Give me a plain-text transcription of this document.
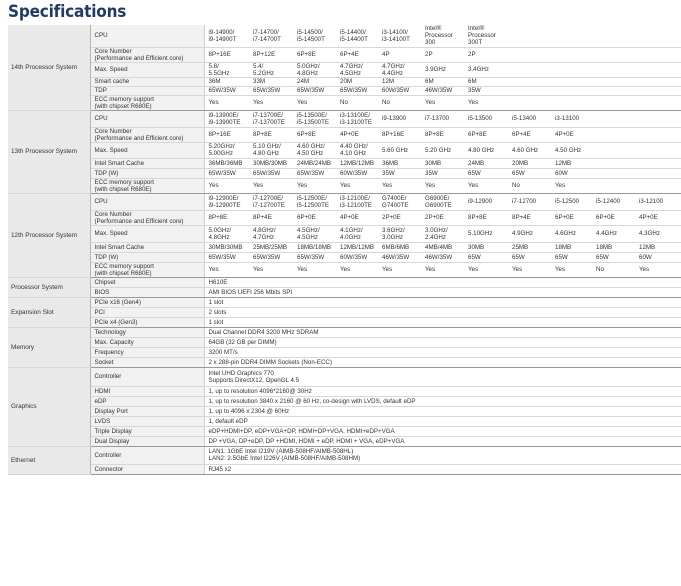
Specifications
14th Processor System	CPU	i9-14900/
i9-14900T	i7-14700/
i7-14700T	i5-14500/
i5-14500T	i5-14400/
i5-14400T	i3-14100/
i3-14100T	Intel®
Processor
300	Intel®
Processor
300T				
	Core Number
(Performance and Efficient core)	8P+16E	8P+12E	6P+8E	6P+4E	4P	2P	2P				
	Max. Speed	5.8/
5.5GHz	5.4/
5.2GHz	5.0GHz/
4.8GHz	4.7GHz/
4.5GHz	4.7GHz/
4.4GHz	3.9GHz	3.4GHz				
	Smart cache	36M	33M	24M	20M	12M	6M	6M				
	TDP	65W/35W	65W/35W	65W/35W	65W/35W	60W/35W	46W/35W	35W				
	ECC memory support
(with chipset R680E)	Yes	Yes	Yes	No	No	Yes	Yes				
13th Processor System	CPU	i9-13900E/
i9-13900TE	i7-13700E/
i7-13700TE	i5-13500E/
i5-13500TE	i3-13100E/
i3-13100TE	i9-13900	i7-13700	i5-13500	i5-13400	i3-13100		
	Core Number
(Performance and Efficient core)	8P+16E	8P+8E	6P+8E	4P+0E	8P+16E	8P+8E	6P+8E	6P+4E	4P+0E		
	Max. Speed	5.20GHz/
5.00GHz	5.10 GHz/
4.80 GHz	4.60 GHz/
4.50 GHz	4.40 GHz/
4.10 GHz	5.60 GHz	5.20 GHz	4.80 GHz	4.60 GHz	4.50 GHz		
	Intel Smart Cache	36MB/36MB	30MB/30MB	24MB/24MB	12MB/12MB	36MB	30MB	24MB	20MB	12MB		
	TDP (W)	65W/35W	65W/35W	65W/35W	60W/35W	35W	35W	65W	65W	60W		
	ECC memory support
(with chipset R680E)	Yes	Yes	Yes	Yes	Yes	Yes	Yes	No	Yes		
12th Processor System	CPU	i9-12900E/
i9-12900TE	i7-12700E/
i7-12700TE	i5-12500E/
i5-12500TE	i3-12100E/
i3-12100TE	G7400E/
G7400TE	G6900E/
G6900TE	i9-12900	i7-12700	i5-12500	i5-12400	i3-12100
	Core Number
(Performance and Efficient core)	8P+8E	8P+4E	6P+0E	4P+0E	2P+0E	2P+0E	8P+8E	8P+4E	6P+0E	6P+0E	4P+0E
	Max. Speed	5.0GHz/
4.8GHz	4.8GHz/
4.7GHz	4.5GHz/
4.5GHz	4.1GHz/
4.0GHz	3.6GHz/
3.0GHz	3.0GHz/
2.4GHz	5.10GHz	4.9GHz	4.6GHz	4.4GHz	4.3GHz
	Intel Smart Cache	30MB/30MB	25MB/25MB	18MB/18MB	12MB/12MB	6MB/6MB	4MB/4MB	30MB	25MB	18MB	18MB	12MB
	TDP (W)	65W/35W	65W/35W	65W/35W	60W/35W	46W/35W	46W/35W	65W	65W	65W	65W	60W
	ECC memory support
(with chipset R680E)	Yes	Yes	Yes	Yes	Yes	Yes	Yes	Yes	Yes	No	Yes
Processor System	Chipset	H610E										
	BIOS	AMI BIOS UEFI 256 Mbits SPI										
Expansion Slot	PCIe x16 (Gen4)	1 slot										
	PCI	2 slots										
	PCIe x4 (Gen3)	1 slot										
Memory	Technology	Dual Channel DDR4 3200 MHz SDRAM										
	Max. Capacity	64GB (32 GB per DIMM)										
	Frequency	3200 MT/s										
	Socket	2 x 288-pin DDR4 DIMM Sockets (Non-ECC)										
Graphics	Controller	Intel UHD Graphics 770
Supports DirectX12, OpenGL 4.5										
	HDMI	1, up to resolution 4096*2160@ 30Hz										
	eDP	1, up to resolution 3840 x 2160 @ 60 Hz, co-design with LVDS, default eDP										
	Display Port	1, up to 4096 x 2304 @ 60Hz										
	LVDS	1, default eDP										
	Triple Display	eDP+HDMI+DP, eDP+VGA+DP, HDMI+DP+VGA, HDMI+eDP+VGA										
	Dual Display	DP +VGA, DP+eDP, DP +HDMI, HDMI + eDP, HDMI + VGA, eDP+VGA										
Ethernet	Controller	LAN1: 1GbE Intel I219V (AIMB-508HF/AIMB-508HL)
LAN2: 2.5GbE Intel I226V (AIMB-508HF/AIMB-508HM)										
	Connector	RJ45 x2										
